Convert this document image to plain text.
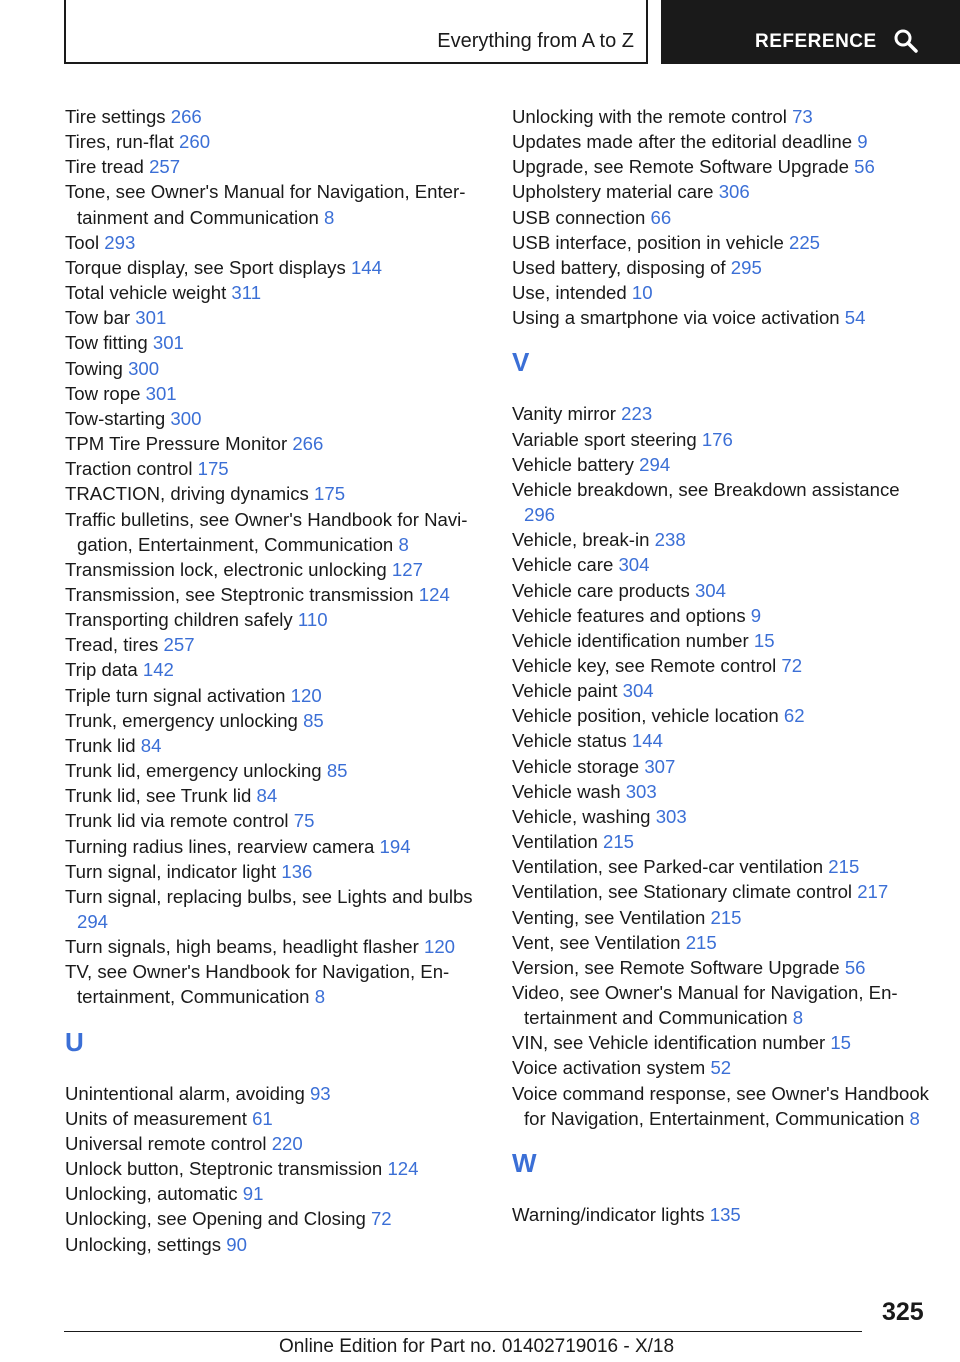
Everything from A to Z	REFERENCE
Tire settings 266
Tires, run-flat 260
Tire tread 257
Tone, see Owner's Manual for Navigation, Entertainment and Communication 8
Tool 293
Torque display, see Sport displays 144
Total vehicle weight 311
Tow bar 301
Tow fitting 301
Towing 300
Tow rope 301
Tow-starting 300
TPM Tire Pressure Monitor 266
Traction control 175
TRACTION, driving dynamics 175
Traffic bulletins, see Owner's Handbook for Navigation, Entertainment, Communication 8
Transmission lock, electronic unlocking 127
Transmission, see Steptronic transmission 124
Transporting children safely 110
Tread, tires 257
Trip data 142
Triple turn signal activation 120
Trunk, emergency unlocking 85
Trunk lid 84
Trunk lid, emergency unlocking 85
Trunk lid, see Trunk lid 84
Trunk lid via remote control 75
Turning radius lines, rearview camera 194
Turn signal, indicator light 136
Turn signal, replacing bulbs, see Lights and bulbs 294
Turn signals, high beams, headlight flasher 120
TV, see Owner's Handbook for Navigation, Entertainment, Communication 8
U
Unintentional alarm, avoiding 93
Units of measurement 61
Universal remote control 220
Unlock button, Steptronic transmission 124
Unlocking, automatic 91
Unlocking, see Opening and Closing 72
Unlocking, settings 90
Unlocking with the remote control 73
Updates made after the editorial deadline 9
Upgrade, see Remote Software Upgrade 56
Upholstery material care 306
USB connection 66
USB interface, position in vehicle 225
Used battery, disposing of 295
Use, intended 10
Using a smartphone via voice activation 54
V
Vanity mirror 223
Variable sport steering 176
Vehicle battery 294
Vehicle breakdown, see Breakdown assistance 296
Vehicle, break-in 238
Vehicle care 304
Vehicle care products 304
Vehicle features and options 9
Vehicle identification number 15
Vehicle key, see Remote control 72
Vehicle paint 304
Vehicle position, vehicle location 62
Vehicle status 144
Vehicle storage 307
Vehicle wash 303
Vehicle, washing 303
Ventilation 215
Ventilation, see Parked-car ventilation 215
Ventilation, see Stationary climate control 217
Venting, see Ventilation 215
Vent, see Ventilation 215
Version, see Remote Software Upgrade 56
Video, see Owner's Manual for Navigation, Entertainment and Communication 8
VIN, see Vehicle identification number 15
Voice activation system 52
Voice command response, see Owner's Handbook for Navigation, Entertainment, Communication 8
W
Warning/indicator lights 135
325
Online Edition for Part no. 01402719016 - X/18
